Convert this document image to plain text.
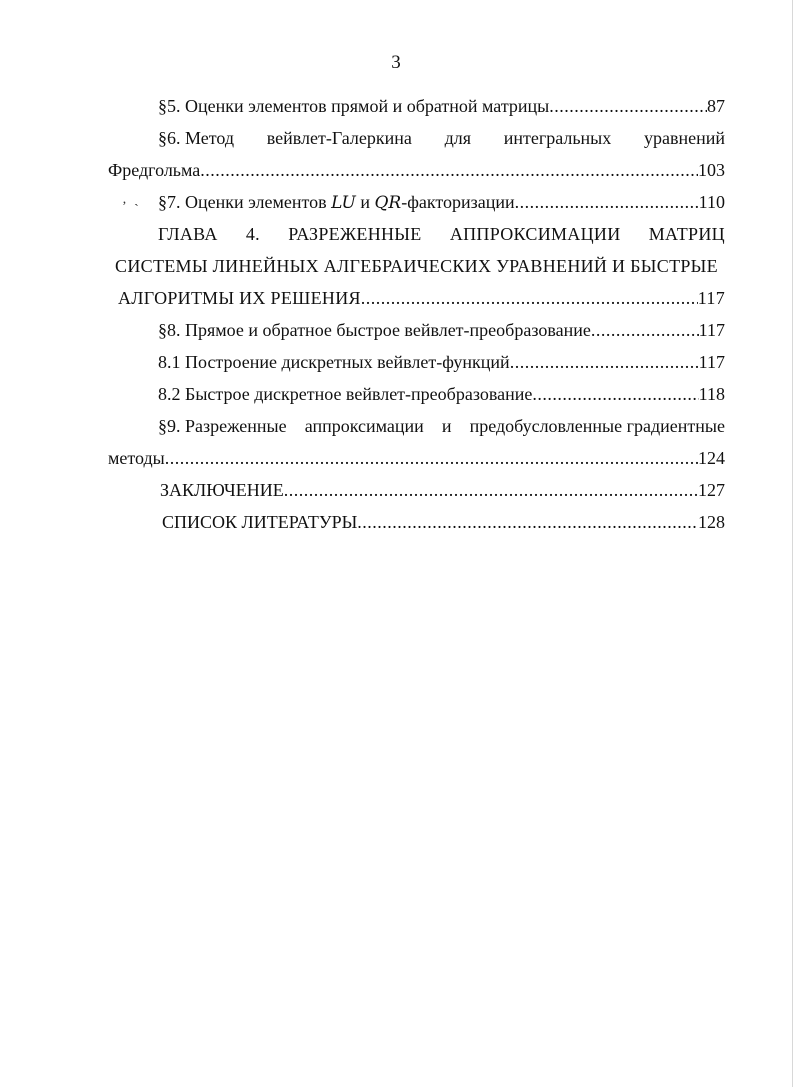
3
‚ ˎ
§5. Оценки элементов прямой и обратной матрицы .....	87
§6. Метод вейвлет-Галеркина для интегральных уравнений
Фредгольма .....	103
§7. Оценки элементов LU и QR-факторизации .....	110
ГЛАВА 4. РАЗРЕЖЕННЫЕ АППРОКСИМАЦИИ МАТРИЦ
СИСТЕМЫ ЛИНЕЙНЫХ АЛГЕБРАИЧЕСКИХ УРАВНЕНИЙ И БЫСТРЫЕ
АЛГОРИТМЫ ИХ РЕШЕНИЯ .....	117
§8. Прямое и обратное быстрое вейвлет-преобразование .....	117
8.1 Построение дискретных вейвлет-функций .....	117
8.2 Быстрое дискретное вейвлет-преобразование .....	118
§9. Разреженные аппроксимации и предобусловленные градиентные
методы .....	124
ЗАКЛЮЧЕНИЕ .....	127
СПИСОК ЛИТЕРАТУРЫ .....	128
